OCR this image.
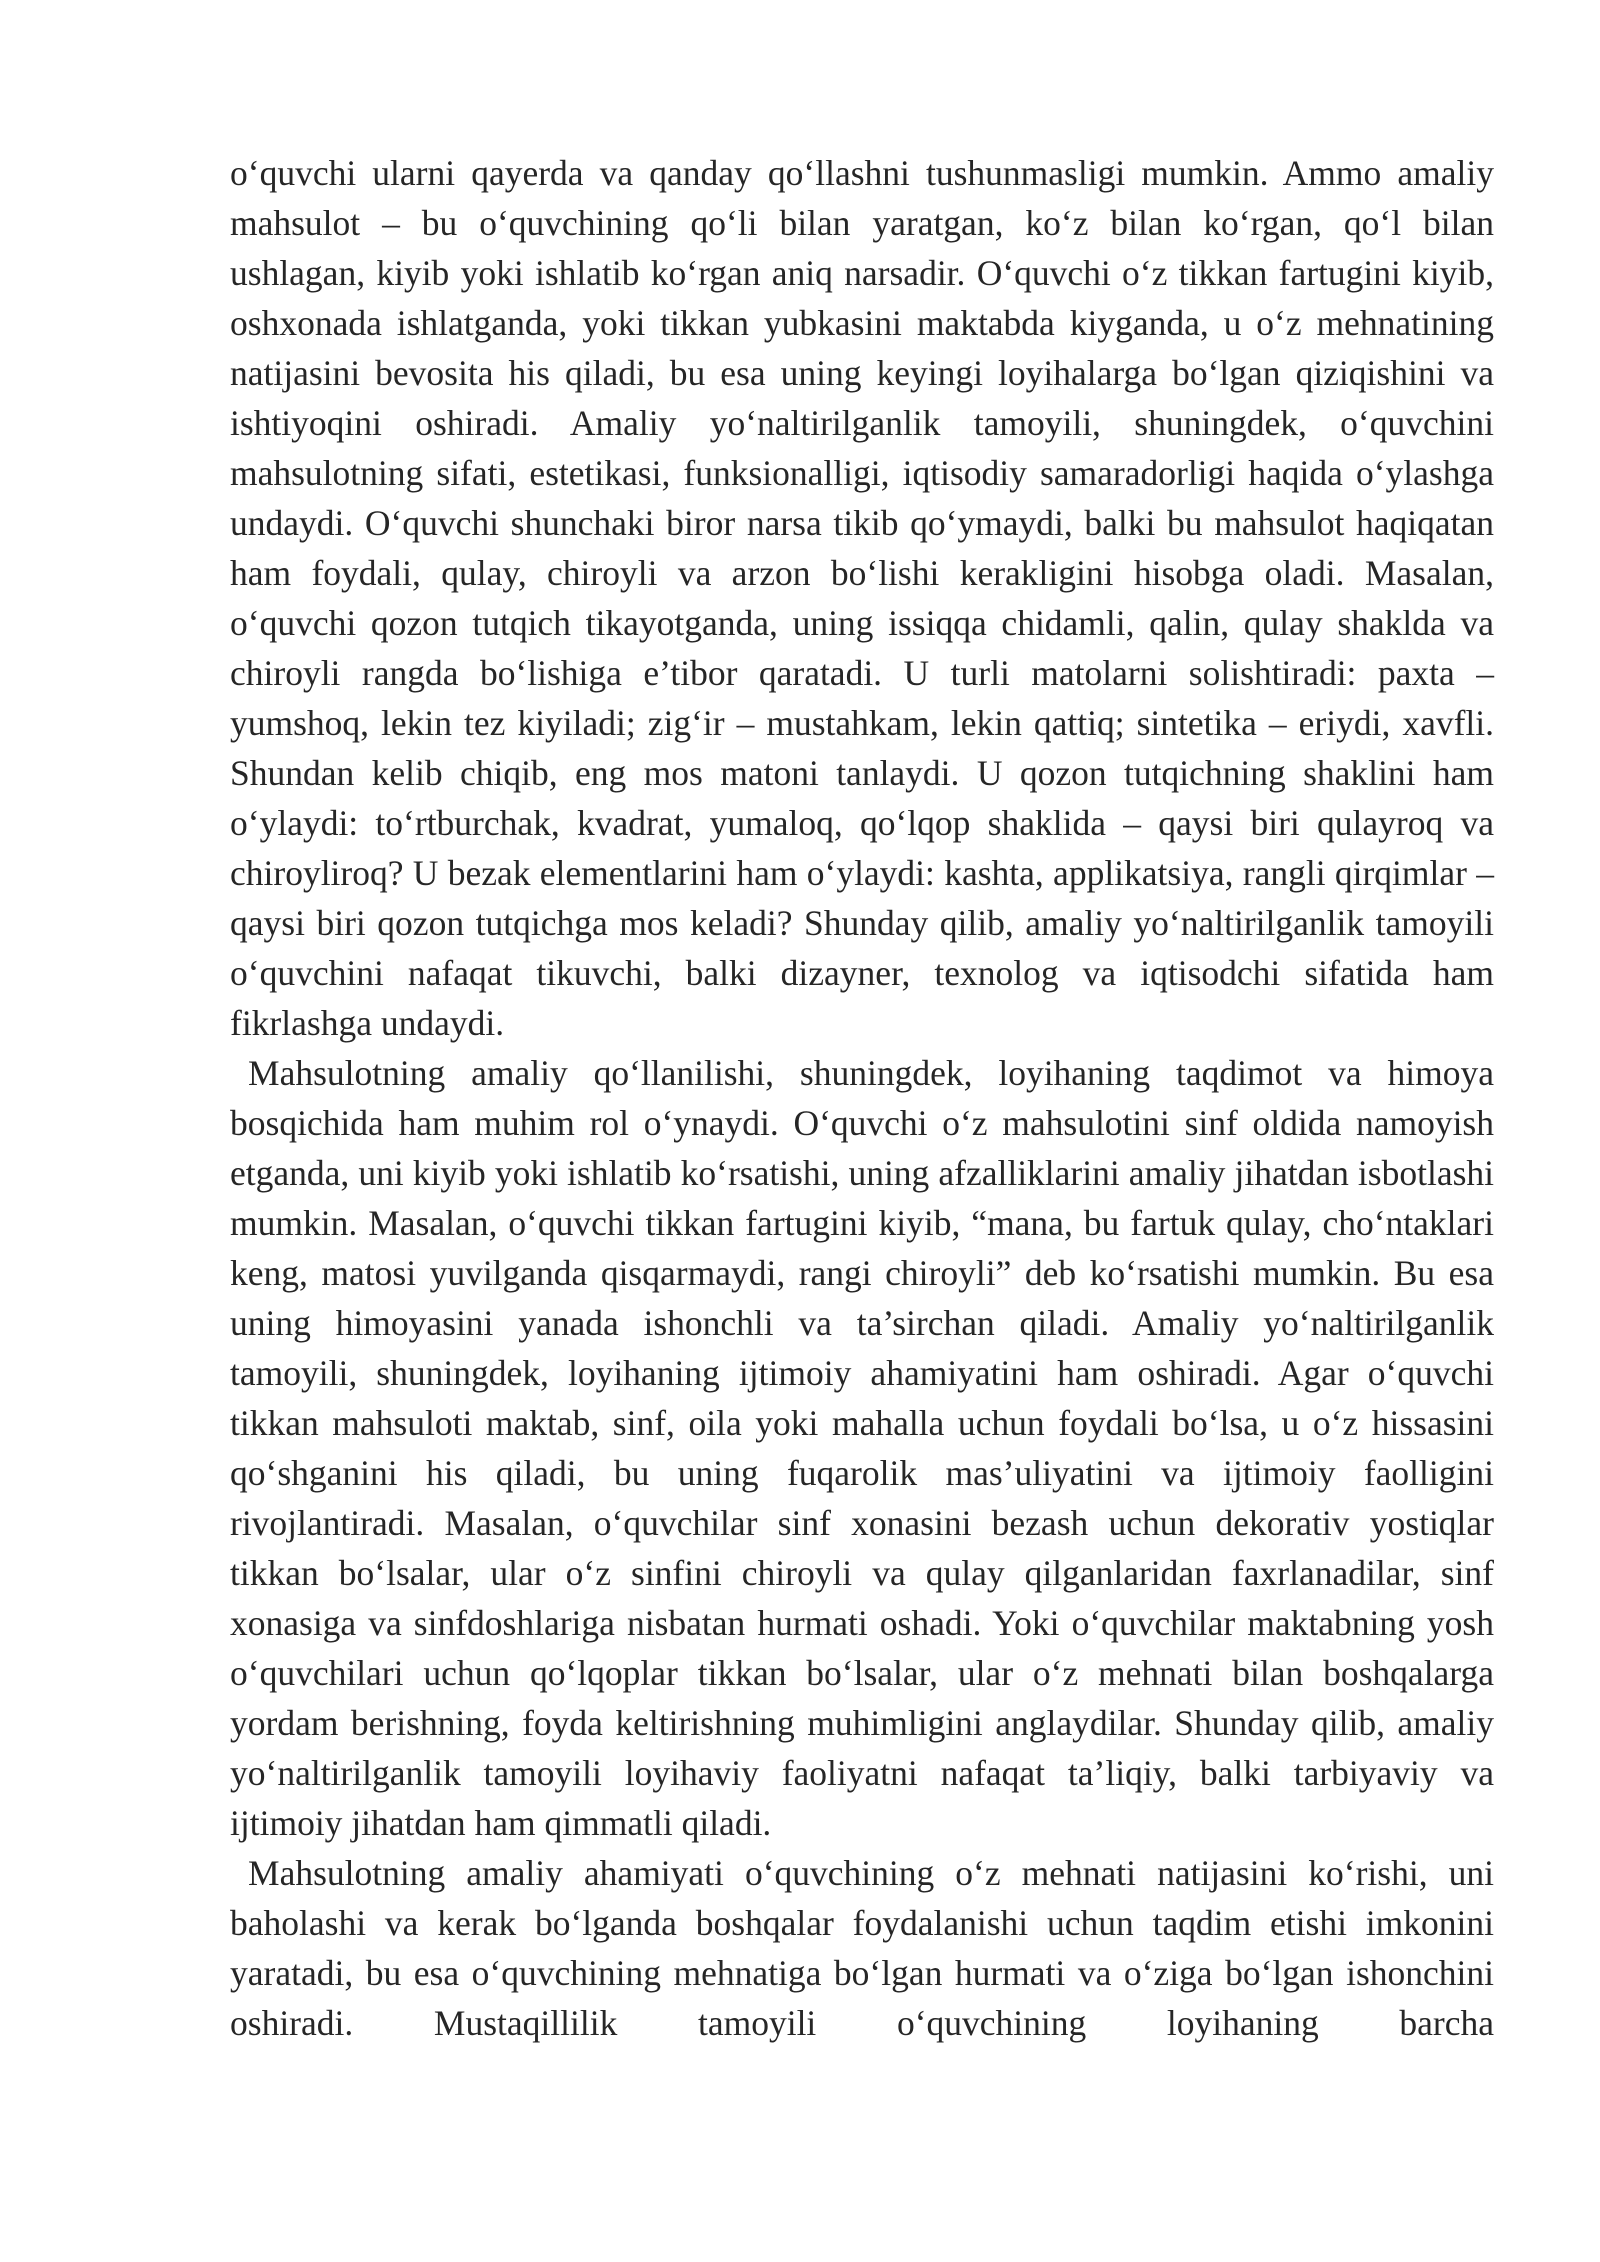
o‘quvchi ularni qayerda va qanday qo‘llashni tushunmasligi mumkin. Ammo amaliy mahsulot – bu o‘quvchining qo‘li bilan yaratgan, ko‘z bilan ko‘rgan, qo‘l bilan ushlagan, kiyib yoki ishlatib ko‘rgan aniq narsadir. O‘quvchi o‘z tikkan fartugini kiyib, oshxonada ishlatganda, yoki tikkan yubkasini maktabda kiyganda, u o‘z mehnatining natijasini bevosita his qiladi, bu esa uning keyingi loyihalarga bo‘lgan qiziqishini va ishtiyoqini oshiradi. Amaliy yo‘naltirilganlik tamoyili, shuningdek, o‘quvchini mahsulotning sifati, estetikasi, funksionalligi, iqtisodiy samaradorligi haqida o‘ylashga undaydi. O‘quvchi shunchaki biror narsa tikib qo‘ymaydi, balki bu mahsulot haqiqatan ham foydali, qulay, chiroyli va arzon bo‘lishi kerakligini hisobga oladi. Masalan, o‘quvchi qozon tutqich tikayotganda, uning issiqqa chidamli, qalin, qulay shaklda va chiroyli rangda bo‘lishiga e’tibor qaratadi. U turli matolarni solishtiradi: paxta – yumshoq, lekin tez kiyiladi; zig‘ir – mustahkam, lekin qattiq; sintetika – eriydi, xavfli. Shundan kelib chiqib, eng mos matoni tanlaydi. U qozon tutqichning shaklini ham o‘ylaydi: to‘rtburchak, kvadrat, yumaloq, qo‘lqop shaklida – qaysi biri qulayroq va chiroyliroq? U bezak elementlarini ham o‘ylaydi: kashta, applikatsiya, rangli qirqimlar – qaysi biri qozon tutqichga mos keladi? Shunday qilib, amaliy yo‘naltirilganlik tamoyili o‘quvchini nafaqat tikuvchi, balki dizayner, texnolog va iqtisodchi sifatida ham fikrlashga undaydi.

Mahsulotning amaliy qo‘llanilishi, shuningdek, loyihaning taqdimot va himoya bosqichida ham muhim rol o‘ynaydi. O‘quvchi o‘z mahsulotini sinf oldida namoyish etganda, uni kiyib yoki ishlatib ko‘rsatishi, uning afzalliklarini amaliy jihatdan isbotlashi mumkin. Masalan, o‘quvchi tikkan fartugini kiyib, “mana, bu fartuk qulay, cho‘ntaklari keng, matosi yuvilganda qisqarmaydi, rangi chiroyli” deb ko‘rsatishi mumkin. Bu esa uning himoyasini yanada ishonchli va ta’sirchan qiladi. Amaliy yo‘naltirilganlik tamoyili, shuningdek, loyihaning ijtimoiy ahamiyatini ham oshiradi. Agar o‘quvchi tikkan mahsuloti maktab, sinf, oila yoki mahalla uchun foydali bo‘lsa, u o‘z hissasini qo‘shganini his qiladi, bu uning fuqarolik mas’uliyatini va ijtimoiy faolligini rivojlantiradi. Masalan, o‘quvchilar sinf xonasini bezash uchun dekorativ yostiqlar tikkan bo‘lsalar, ular o‘z sinfini chiroyli va qulay qilganlaridan faxrlanadilar, sinf xonasiga va sinfdoshlariga nisbatan hurmati oshadi. Yoki o‘quvchilar maktabning yosh o‘quvchilari uchun qo‘lqoplar tikkan bo‘lsalar, ular o‘z mehnati bilan boshqalarga yordam berishning, foyda keltirishning muhimligini anglaydilar. Shunday qilib, amaliy yo‘naltirilganlik tamoyili loyihaviy faoliyatni nafaqat ta’liqiy, balki tarbiyaviy va ijtimoiy jihatdan ham qimmatli qiladi.

Mahsulotning amaliy ahamiyati o‘quvchining o‘z mehnati natijasini ko‘rishi, uni baholashi va kerak bo‘lganda boshqalar foydalanishi uchun taqdim etishi imkonini yaratadi, bu esa o‘quvchining mehnatiga bo‘lgan hurmati va o‘ziga bo‘lgan ishonchini oshiradi. Mustaqillilik tamoyili o‘quvchining loyihaning barcha
